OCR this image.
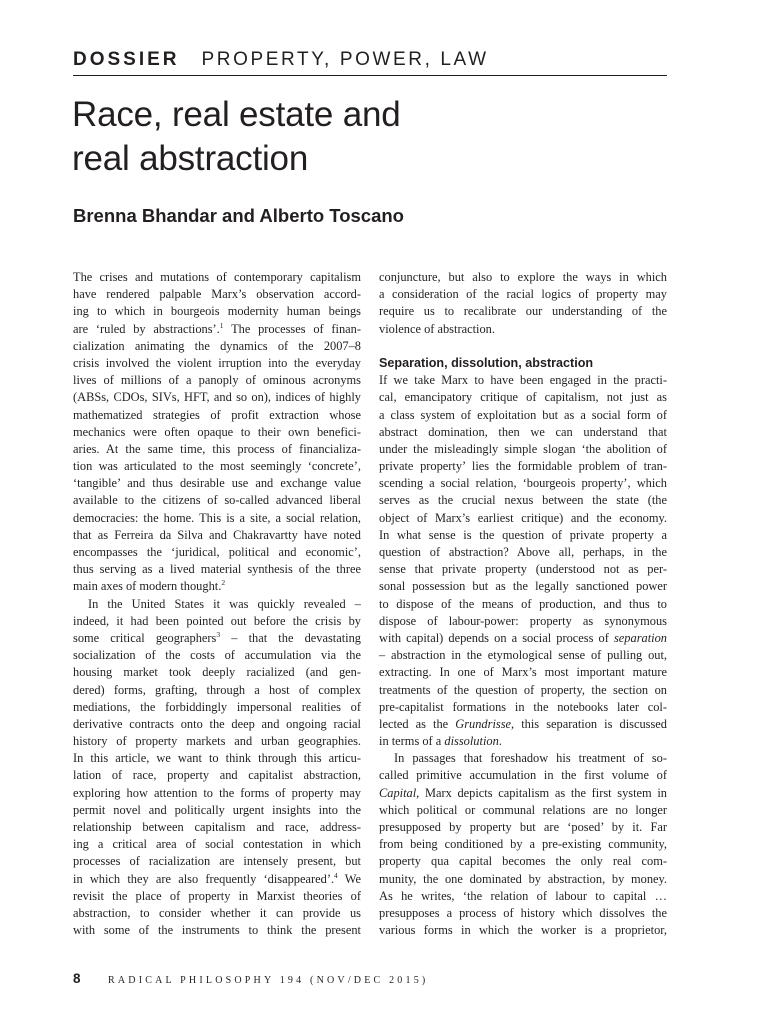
DOSSIER PROPERTY, POWER, LAW
Race, real estate and
real abstraction
Brenna Bhandar and Alberto Toscano
The crises and mutations of contemporary capitalism
have rendered palpable Marx’s observation accord-
ing to which in bourgeois modernity human beings
are ‘ruled by abstractions’.$^1$ The processes of finan-
cialization animating the dynamics of the 2007–8
crisis involved the violent irruption into the everyday
lives of millions of a panoply of ominous acronyms
(ABSs, CDOs, SIVs, HFT, and so on), indices of highly
mathematized strategies of profit extraction whose
mechanics were often opaque to their own benefici-
aries. At the same time, this process of financializa-
tion was articulated to the most seemingly ‘concrete’,
‘tangible’ and thus desirable use and exchange value
available to the citizens of so-called advanced liberal
democracies: the home. This is a site, a social relation,
that as Ferreira da Silva and Chakravartty have noted
encompasses the ‘juridical, political and economic’,
thus serving as a lived material synthesis of the three
main axes of modern thought.$^2$
In the United States it was quickly revealed –
indeed, it had been pointed out before the crisis by
some critical geographers$^3$ – that the devastating
socialization of the costs of accumulation via the
housing market took deeply racialized (and gen-
dered) forms, grafting, through a host of complex
mediations, the forbiddingly impersonal realities of
derivative contracts onto the deep and ongoing racial
history of property markets and urban geographies.
In this article, we want to think through this articu-
lation of race, property and capitalist abstraction,
exploring how attention to the forms of property may
permit novel and politically urgent insights into the
relationship between capitalism and race, address-
ing a critical area of social contestation in which
processes of racialization are intensely present, but
in which they are also frequently ‘disappeared’.$^4$ We
revisit the place of property in Marxist theories of
abstraction, to consider whether it can provide us
with some of the instruments to think the present
conjuncture, but also to explore the ways in which
a consideration of the racial logics of property may
require us to recalibrate our understanding of the
violence of abstraction.
Separation, dissolution, abstraction
If we take Marx to have been engaged in the practi-
cal, emancipatory critique of capitalism, not just as
a class system of exploitation but as a social form of
abstract domination, then we can understand that
under the misleadingly simple slogan ‘the abolition of
private property’ lies the formidable problem of tran-
scending a social relation, ‘bourgeois property’, which
serves as the crucial nexus between the state (the
object of Marx’s earliest critique) and the economy.
In what sense is the question of private property a
question of abstraction? Above all, perhaps, in the
sense that private property (understood not as per-
sonal possession but as the legally sanctioned power
to dispose of the means of production, and thus to
dispose of labour-power: property as synonymous
with capital) depends on a social process of separation
– abstraction in the etymological sense of pulling out,
extracting. In one of Marx’s most important mature
treatments of the question of property, the section on
pre-capitalist formations in the notebooks later col-
lected as the Grundrisse, this separation is discussed
in terms of a dissolution.
In passages that foreshadow his treatment of so-
called primitive accumulation in the first volume of
Capital, Marx depicts capitalism as the first system in
which political or communal relations are no longer
presupposed by property but are ‘posed’ by it. Far
from being conditioned by a pre-existing community,
property qua capital becomes the only real com-
munity, the one dominated by abstraction, by money.
As he writes, ‘the relation of labour to capital …
presupposes a process of history which dissolves the
various forms in which the worker is a proprietor,
8	RADICAL PHILOSOPHY 194 (NOV/DEC 2015)
